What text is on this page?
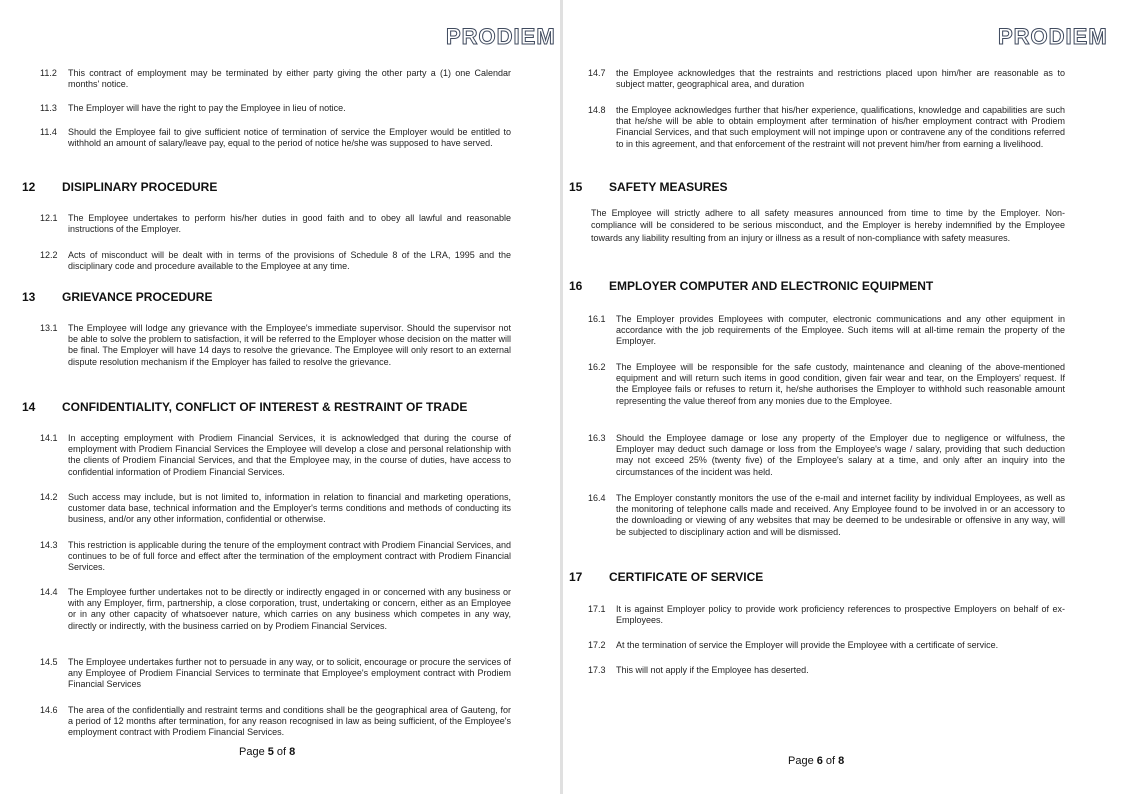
PRODIEM
11.2 This contract of employment may be terminated by either party giving the other party a (1) one Calendar months' notice.
11.3 The Employer will have the right to pay the Employee in lieu of notice.
11.4 Should the Employee fail to give sufficient notice of termination of service the Employer would be entitled to withhold an amount of salary/leave pay, equal to the period of notice he/she was supposed to have served.
12 DISIPLINARY PROCEDURE
12.1 The Employee undertakes to perform his/her duties in good faith and to obey all lawful and reasonable instructions of the Employer.
12.2 Acts of misconduct will be dealt with in terms of the provisions of Schedule 8 of the LRA, 1995 and the disciplinary code and procedure available to the Employee at any time.
13 GRIEVANCE PROCEDURE
13.1 The Employee will lodge any grievance with the Employee's immediate supervisor. Should the supervisor not be able to solve the problem to satisfaction, it will be referred to the Employer whose decision on the matter will be final. The Employer will have 14 days to resolve the grievance. The Employee will only resort to an external dispute resolution mechanism if the Employer has failed to resolve the grievance.
14 CONFIDENTIALITY, CONFLICT OF INTEREST & RESTRAINT OF TRADE
14.1 In accepting employment with Prodiem Financial Services, it is acknowledged that during the course of employment with Prodiem Financial Services the Employee will develop a close and personal relationship with the clients of Prodiem Financial Services, and that the Employee may, in the course of duties, have access to confidential information of Prodiem Financial Services.
14.2 Such access may include, but is not limited to, information in relation to financial and marketing operations, customer data base, technical information and the Employer's terms conditions and methods of conducting its business, and/or any other information, confidential or otherwise.
14.3 This restriction is applicable during the tenure of the employment contract with Prodiem Financial Services, and continues to be of full force and effect after the termination of the employment contract with Prodiem Financial Services.
14.4 The Employee further undertakes not to be directly or indirectly engaged in or concerned with any business or with any Employer, firm, partnership, a close corporation, trust, undertaking or concern, either as an Employee or in any other capacity of whatsoever nature, which carries on any business which competes in any way, directly or indirectly, with the business carried on by Prodiem Financial Services.
14.5 The Employee undertakes further not to persuade in any way, or to solicit, encourage or procure the services of any Employee of Prodiem Financial Services to terminate that Employee's employment contract with Prodiem Financial Services
14.6 The area of the confidentially and restraint terms and conditions shall be the geographical area of Gauteng, for a period of 12 months after termination, for any reason recognised in law as being sufficient, of the Employee's employment contract with Prodiem Financial Services.
Page 5 of 8
PRODIEM
14.7 the Employee acknowledges that the restraints and restrictions placed upon him/her are reasonable as to subject matter, geographical area, and duration
14.8 the Employee acknowledges further that his/her experience, qualifications, knowledge and capabilities are such that he/she will be able to obtain employment after termination of his/her employment contract with Prodiem Financial Services, and that such employment will not impinge upon or contravene any of the conditions referred to in this agreement, and that enforcement of the restraint will not prevent him/her from earning a livelihood.
15 SAFETY MEASURES
The Employee will strictly adhere to all safety measures announced from time to time by the Employer. Non-compliance will be considered to be serious misconduct, and the Employer is hereby indemnified by the Employee towards any liability resulting from an injury or illness as a result of non-compliance with safety measures.
16 EMPLOYER COMPUTER AND ELECTRONIC EQUIPMENT
16.1 The Employer provides Employees with computer, electronic communications and any other equipment in accordance with the job requirements of the Employee. Such items will at all-time remain the property of the Employer.
16.2 The Employee will be responsible for the safe custody, maintenance and cleaning of the above-mentioned equipment and will return such items in good condition, given fair wear and tear, on the Employers' request. If the Employee fails or refuses to return it, he/she authorises the Employer to withhold such reasonable amount representing the value thereof from any monies due to the Employee.
16.3 Should the Employee damage or lose any property of the Employer due to negligence or wilfulness, the Employer may deduct such damage or loss from the Employee's wage / salary, providing that such deduction may not exceed 25% (twenty five) of the Employee's salary at a time, and only after an inquiry into the circumstances of the incident was held.
16.4 The Employer constantly monitors the use of the e-mail and internet facility by individual Employees, as well as the monitoring of telephone calls made and received. Any Employee found to be involved in or an accessory to the downloading or viewing of any websites that may be deemed to be undesirable or offensive in any way, will be subjected to disciplinary action and will be dismissed.
17 CERTIFICATE OF SERVICE
17.1 It is against Employer policy to provide work proficiency references to prospective Employers on behalf of ex-Employees.
17.2 At the termination of service the Employer will provide the Employee with a certificate of service.
17.3 This will not apply if the Employee has deserted.
Page 6 of 8
